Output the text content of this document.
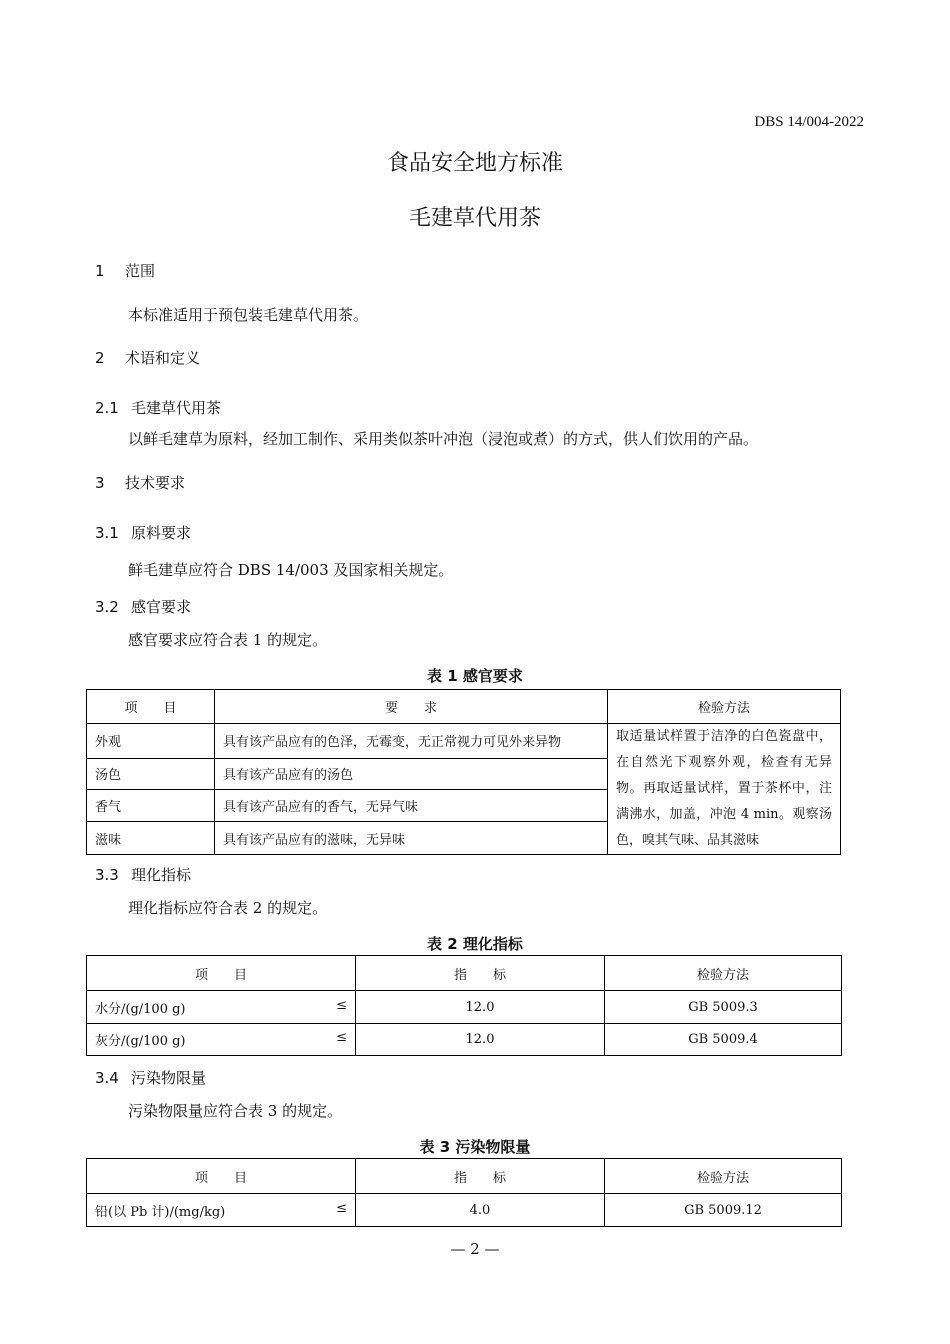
DBS 14/004-2022
食品安全地方标准
毛建草代用茶
1 范围
本标准适用于预包装毛建草代用茶。
2 术语和定义
2.1 毛建草代用茶
以鲜毛建草为原料，经加工制作、采用类似茶叶冲泡（浸泡或煮）的方式，供人们饮用的产品。
3 技术要求
3.1 原料要求
鲜毛建草应符合 DBS 14/003 及国家相关规定。
3.2 感官要求
感官要求应符合表 1 的规定。
表 1 感官要求
项　　目	要　　求	检验方法
外观	具有该产品应有的色泽，无霉变，无正常视力可见外来异物	取适量试样置于洁净的白色瓷盘中，在自然光下观察外观，检查有无异物。再取适量试样，置于茶杯中，注满沸水，加盖，冲泡 4 min。观察汤色，嗅其气味、品其滋味
汤色	具有该产品应有的汤色	
香气	具有该产品应有的香气，无异气味	
滋味	具有该产品应有的滋味，无异味	
3.3 理化指标
理化指标应符合表 2 的规定。
表 2 理化指标
项　　目	指　　标	检验方法
水分/(g/100 g) ≤	12.0	GB 5009.3
灰分/(g/100 g) ≤	12.0	GB 5009.4
3.4 污染物限量
污染物限量应符合表 3 的规定。
表 3 污染物限量
项　　目	指　　标	检验方法
铅(以 Pb 计)/(mg/kg) ≤	4.0	GB 5009.12
— 2 —
